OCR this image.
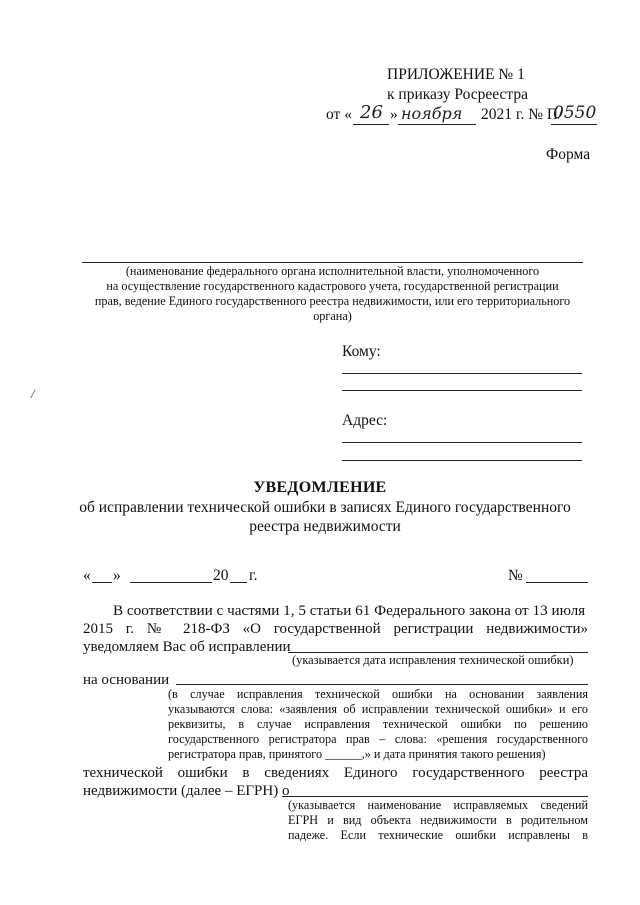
ПРИЛОЖЕНИЕ № 1
к приказу Росреестра
от « 26 » ноября 2021 г. № П/
0550
Форма
(наименование федерального органа исполнительной власти, уполномоченного
на осуществление государственного кадастрового учета, государственной регистрации
прав, ведение Единого государственного реестра недвижимости, или его территориального
органа)
Кому:
/
Адрес:
УВЕДОМЛЕНИЕ
об исправлении технической ошибки в записях Единого государственного
реестра недвижимости
« »	20 г.	№
В соответствии с частями 1, 5 статьи 61 Федерального закона от 13 июля
2015 г. № 218-ФЗ «О государственной регистрации недвижимости»
уведомляем Вас об исправлении
(указывается дата исправления технической ошибки)
на основании
(в случае исправления технической ошибки на основании заявления
указываются слова: «заявления об исправлении технической ошибки» и его
реквизиты, в случае исправления технической ошибки по решению
государственного регистратора прав – слова: «решения государственного
регистратора прав, принятого ______,» и дата принятия такого решения)
технической ошибки в сведениях Единого государственного реестра
недвижимости (далее – ЕГРН) о
(указывается наименование исправляемых сведений
ЕГРН и вид объекта недвижимости в родительном
падеже. Если технические ошибки исправлены в
